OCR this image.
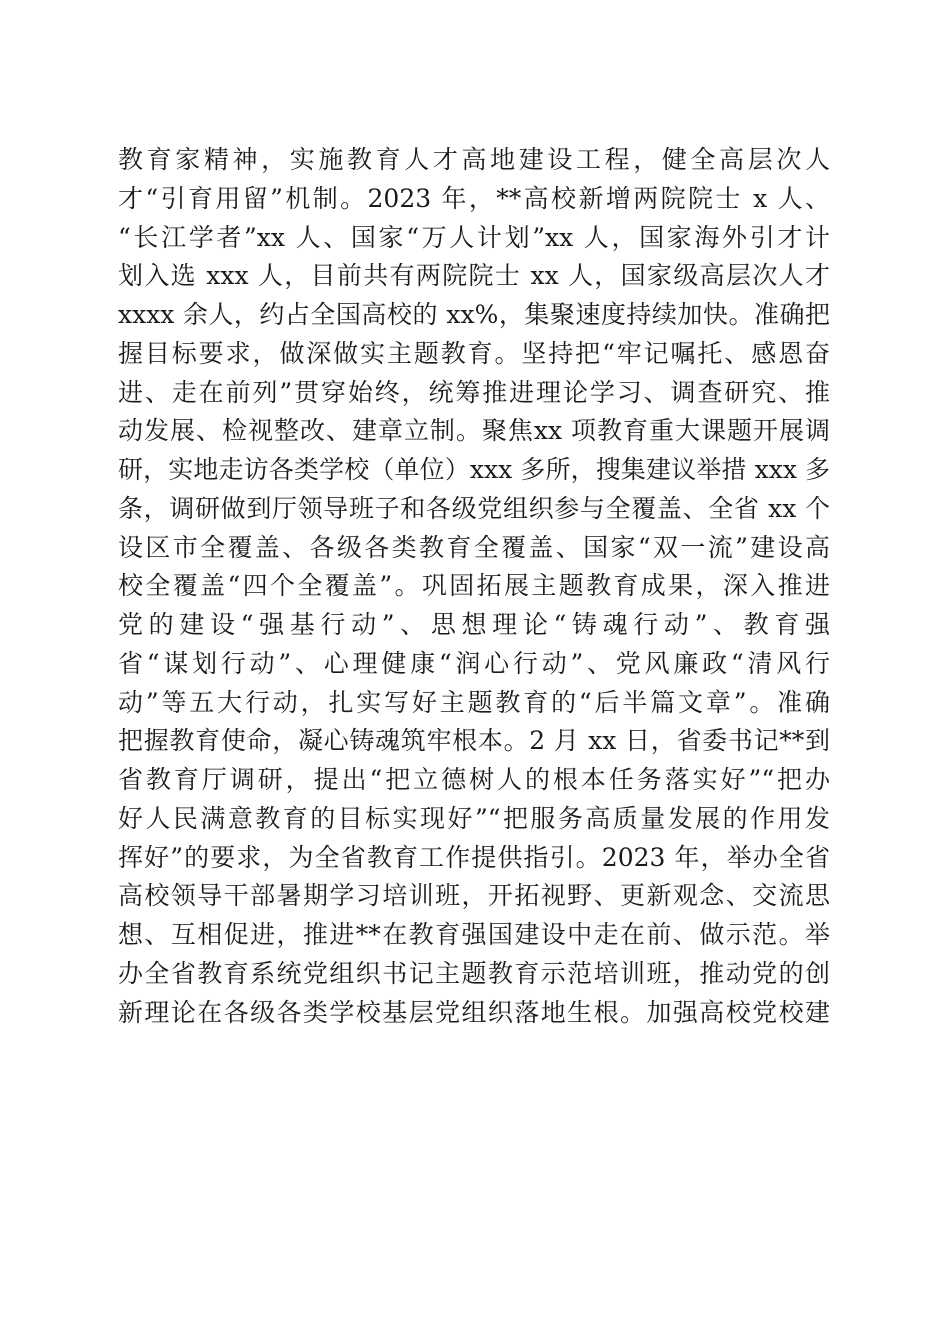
教育家精神，实施教育人才高地建设工程，健全高层次人
才“引育用留”机制。2023 年，**高校新增两院院士 x 人、
“长江学者”xx 人、国家“万人计划”xx 人，国家海外引才计
划入选 xxx 人，目前共有两院院士 xx 人，国家级高层次人才
xxxx 余人，约占全国高校的 xx%，集聚速度持续加快。准确把
握目标要求，做深做实主题教育。坚持把“牢记嘱托、感恩奋
进、走在前列”贯穿始终，统筹推进理论学习、调查研究、推
动发展、检视整改、建章立制。聚焦xx 项教育重大课题开展调
研，实地走访各类学校（单位）xxx 多所，搜集建议举措 xxx 多
条，调研做到厅领导班子和各级党组织参与全覆盖、全省 xx 个
设区市全覆盖、各级各类教育全覆盖、国家“双一流”建设高
校全覆盖“四个全覆盖”。巩固拓展主题教育成果，深入推进
党的建设“强基行动”、思想理论“铸魂行动”、教育强
省“谋划行动”、心理健康“润心行动”、党风廉政“清风行
动”等五大行动，扎实写好主题教育的“后半篇文章”。准确
把握教育使命，凝心铸魂筑牢根本。2 月 xx 日，省委书记**到
省教育厅调研，提出“把立德树人的根本任务落实好”“把办
好人民满意教育的目标实现好”“把服务高质量发展的作用发
挥好”的要求，为全省教育工作提供指引。2023 年，举办全省
高校领导干部暑期学习培训班，开拓视野、更新观念、交流思
想、互相促进，推进**在教育强国建设中走在前、做示范。举
办全省教育系统党组织书记主题教育示范培训班，推动党的创
新理论在各级各类学校基层党组织落地生根。加强高校党校建
